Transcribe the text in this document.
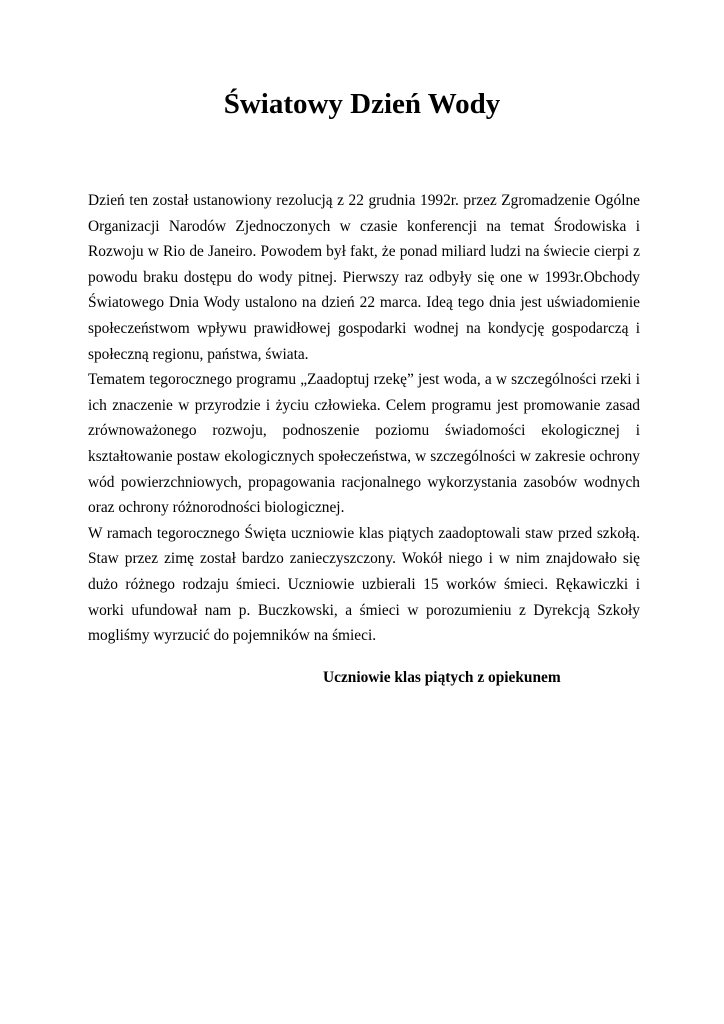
Światowy Dzień Wody

Dzień ten został ustanowiony rezolucją z 22 grudnia 1992r. przez Zgromadzenie Ogólne Organizacji Narodów Zjednoczonych w czasie konferencji na temat Środowiska i Rozwoju w Rio de Janeiro. Powodem był fakt, że ponad miliard ludzi na świecie cierpi z powodu braku dostępu do wody pitnej. Pierwszy raz odbyły się one w 1993r.Obchody Światowego Dnia Wody ustalono na dzień 22 marca. Ideą tego dnia jest uświadomienie społeczeństwom wpływu prawidłowej gospodarki wodnej na kondycję gospodarczą i społeczną regionu, państwa, świata.

Tematem tegorocznego programu „Zaadoptuj rzekę” jest woda, a w szczególności rzeki i ich znaczenie w przyrodzie i życiu człowieka. Celem programu jest promowanie zasad zrównoważonego rozwoju, podnoszenie poziomu świadomości ekologicznej i kształtowanie postaw ekologicznych społeczeństwa, w szczególności w zakresie ochrony wód powierzchniowych, propagowania racjonalnego wykorzystania zasobów wodnych oraz ochrony różnorodności biologicznej.

W ramach tegorocznego Święta uczniowie klas piątych zaadoptowali staw przed szkołą. Staw przez zimę został bardzo zanieczyszczony. Wokół niego i w nim znajdowało się dużo różnego rodzaju śmieci. Uczniowie uzbierali 15 worków śmieci. Rękawiczki i worki ufundował nam p. Buczkowski, a śmieci w porozumieniu z Dyrekcją Szkoły mogliśmy wyrzucić do pojemników na śmieci.

Uczniowie klas piątych z opiekunem
